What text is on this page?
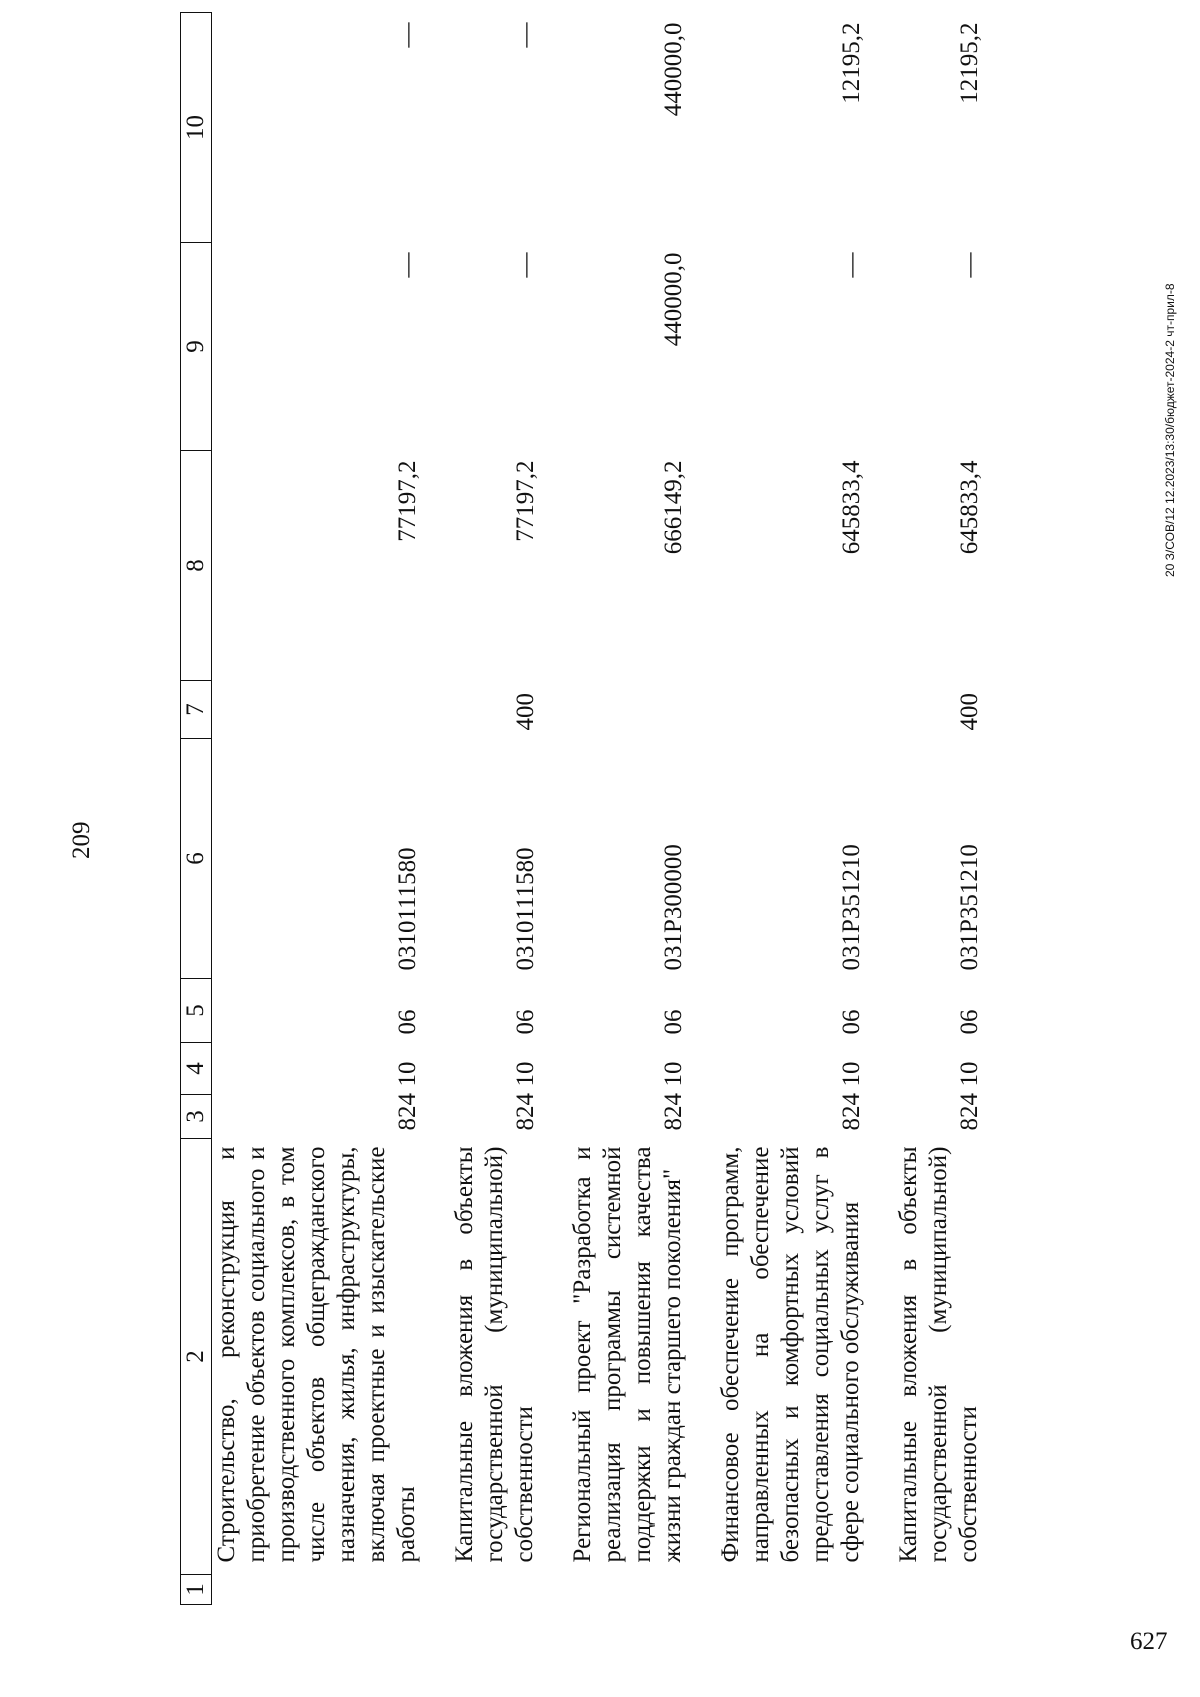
209
1	2	3	4	5	6	7	8	9	10

	Строительство, реконструкция и приобретение объектов социального и производственного комплексов, в том числе объектов общегражданского назначения, жилья, инфраструктуры, включая проектные и изыскательские работы	824	10	06	0310111580		77197,2	—	—

	Капитальные вложения в объекты государственной (муниципальной) собственности	824	10	06	0310111580	400	77197,2	—	—

	Региональный проект "Разработка и реализация программы системной поддержки и повышения качества жизни граждан старшего поколения"	824	10	06	031P300000		666149,2	440000,0	440000,0

	Финансовое обеспечение программ, направленных на обеспечение безопасных и комфортных условий предоставления социальных услуг в сфере социального обслуживания	824	10	06	031P351210		645833,4	—	12195,2

	Капитальные вложения в объекты государственной (муниципальной) собственности	824	10	06	031P351210	400	645833,4	—	12195,2
20 З/СОВ/12 12.2023/13:30/бюджет-2024-2 чт-прил-8
627
